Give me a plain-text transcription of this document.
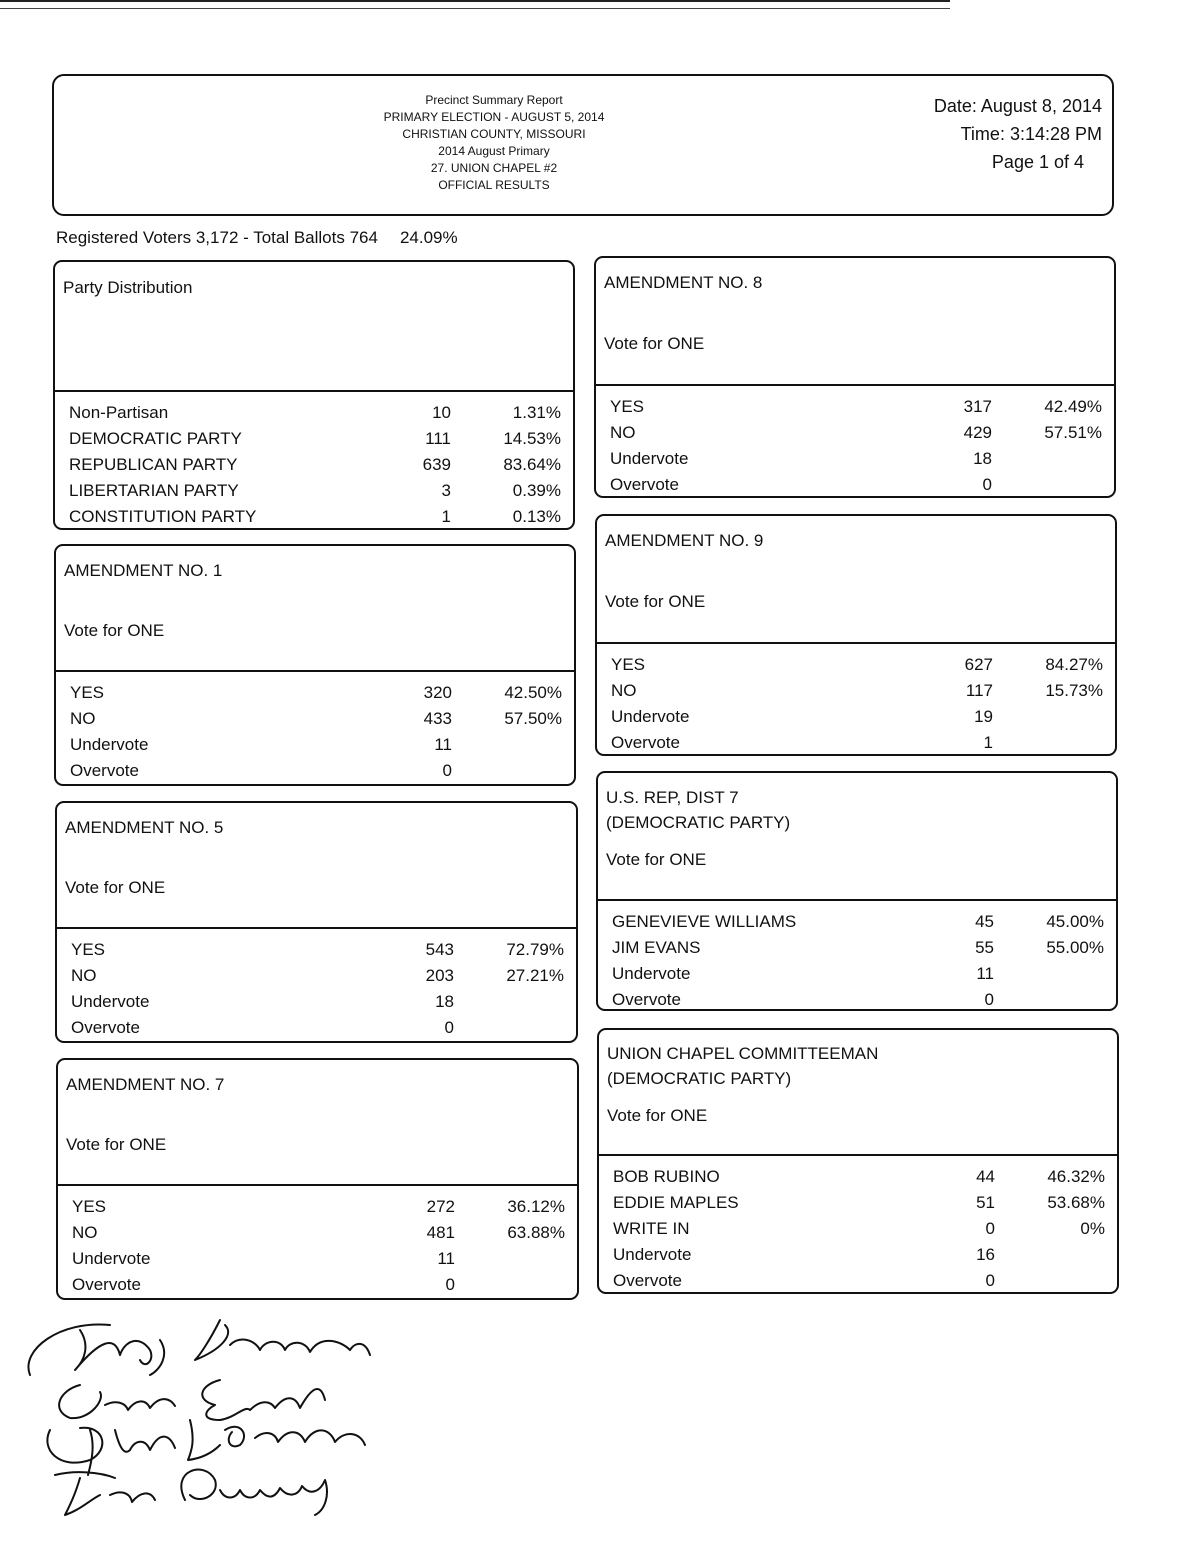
Precinct Summary Report
PRIMARY ELECTION - AUGUST 5, 2014
CHRISTIAN COUNTY, MISSOURI
2014 August Primary
27. UNION CHAPEL #2
OFFICIAL RESULTS
Date: August 8, 2014
Time: 3:14:28 PM
Page 1 of 4
Registered Voters 3,172 - Total Ballots 764 24.09%
Party Distribution
Non-Partisan	10	1.31%
DEMOCRATIC PARTY	111	14.53%
REPUBLICAN PARTY	639	83.64%
LIBERTARIAN PARTY	3	0.39%
CONSTITUTION PARTY	1	0.13%
AMENDMENT NO. 1
Vote for ONE
YES	320	42.50%
NO	433	57.50%
Undervote	11
Overvote	0
AMENDMENT NO. 5
Vote for ONE
YES	543	72.79%
NO	203	27.21%
Undervote	18
Overvote	0
AMENDMENT NO. 7
Vote for ONE
YES	272	36.12%
NO	481	63.88%
Undervote	11
Overvote	0
AMENDMENT NO. 8
Vote for ONE
YES	317	42.49%
NO	429	57.51%
Undervote	18
Overvote	0
AMENDMENT NO. 9
Vote for ONE
YES	627	84.27%
NO	117	15.73%
Undervote	19
Overvote	1
U.S. REP, DIST 7
(DEMOCRATIC PARTY)
Vote for ONE
GENEVIEVE WILLIAMS	45	45.00%
JIM EVANS	55	55.00%
Undervote	11
Overvote	0
UNION CHAPEL COMMITTEEMAN
(DEMOCRATIC PARTY)
Vote for ONE
BOB RUBINO	44	46.32%
EDDIE MAPLES	51	53.68%
WRITE IN	0	0%
Undervote	16
Overvote	0
